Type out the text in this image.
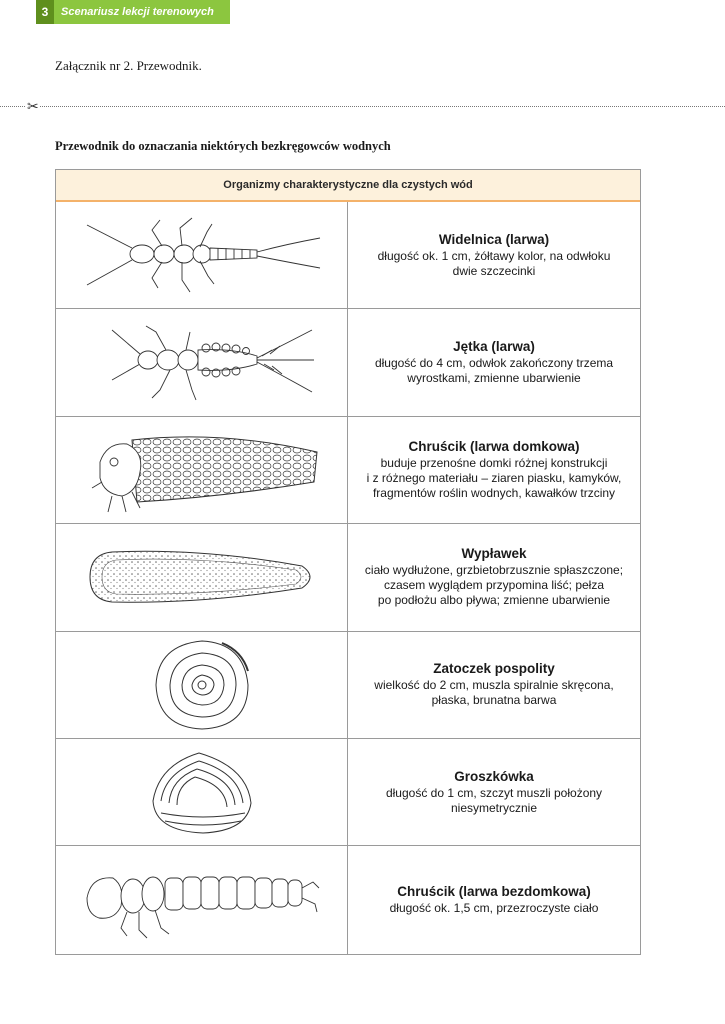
3	Scenariusz lekcji terenowych
Załącznik nr 2. Przewodnik.
✂
Przewodnik do oznaczania niektórych bezkręgowców wodnych
Organizmy charakterystyczne dla czystych wód
Widelnica (larwa)
długość ok. 1 cm, żółtawy kolor, na odwłoku
dwie szczecinki
Jętka (larwa)
długość do 4 cm, odwłok zakończony trzema
wyrostkami, zmienne ubarwienie
Chruścik (larwa domkowa)
buduje przenośne domki różnej konstrukcji
i z różnego materiału – ziaren piasku, kamyków,
fragmentów roślin wodnych, kawałków trzciny
Wypławek
ciało wydłużone, grzbietobrzusznie spłaszczone;
czasem wyglądem przypomina liść; pełza
po podłożu albo pływa; zmienne ubarwienie
Zatoczek pospolity
wielkość do 2 cm, muszla spiralnie skręcona,
płaska, brunatna barwa
Groszkówka
długość do 1 cm, szczyt muszli położony
niesymetrycznie
Chruścik (larwa bezdomkowa)
długość ok. 1,5 cm, przezroczyste ciało
